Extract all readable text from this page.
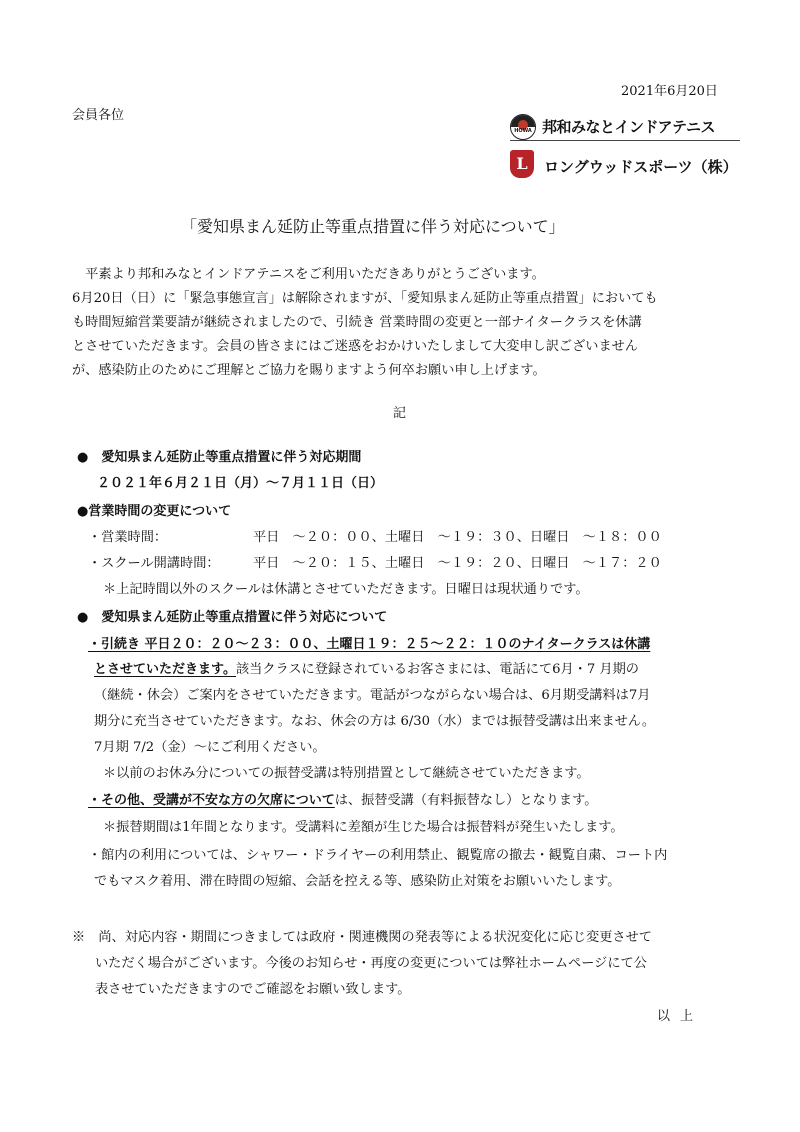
2021年6月20日
会員各位
HOWA 邦和みなとインドアテニス
L	ロングウッドスポーツ（株）
「愛知県まん延防止等重点措置に伴う対応について」
　平素より邦和みなとインドアテニスをご利用いただきありがとうございます。
6月20日（日）に「緊急事態宣言」は解除されますが、「愛知県まん延防止等重点措置」においても
も時間短縮営業要請が継続されましたので、引続き 営業時間の変更と一部ナイタークラスを休講
とさせていただきます。会員の皆さまにはご迷惑をおかけいたしまして大変申し訳ございません
が、感染防止のためにご理解とご協力を賜りますよう何卒お願い申し上げます。
記
●　愛知県まん延防止等重点措置に伴う対応期間
２０２１年６月２１日（月）～７月１１日（日）
●営業時間の変更について
・営業時間：	平日　～２０：００、土曜日　～１９：３０、日曜日　～１８：００
・スクール開講時間：	平日　～２０：１５、土曜日　～１９：２０、日曜日　～１７：２０
＊上記時間以外のスクールは休講とさせていただきます。日曜日は現状通りです。
●　愛知県まん延防止等重点措置に伴う対応について
・引続き 平日２０：２０～２３：００、土曜日１９：２５～２２：１０のナイタークラスは休講
とさせていただきます。該当クラスに登録されているお客さまには、電話にて6月・7 月期の
（継続・休会）ご案内をさせていただきます。電話がつながらない場合は、6月期受講料は7月
期分に充当させていただきます。なお、休会の方は 6/30（水）までは振替受講は出来ません。
7月期 7/2（金）～にご利用ください。
＊以前のお休み分についての振替受講は特別措置として継続させていただきます。
・その他、受講が不安な方の欠席については、振替受講（有料振替なし）となります。
＊振替期間は1年間となります。受講料に差額が生じた場合は振替料が発生いたします。
・館内の利用については、シャワー・ドライヤーの利用禁止、観覧席の撤去・観覧自粛、コート内
でもマスク着用、滞在時間の短縮、会話を控える等、感染防止対策をお願いいたします。
※　尚、対応内容・期間につきましては政府・関連機関の発表等による状況変化に応じ変更させて
いただく場合がございます。今後のお知らせ・再度の変更については弊社ホームページにて公
表させていただきますのでご確認をお願い致します。
以上
